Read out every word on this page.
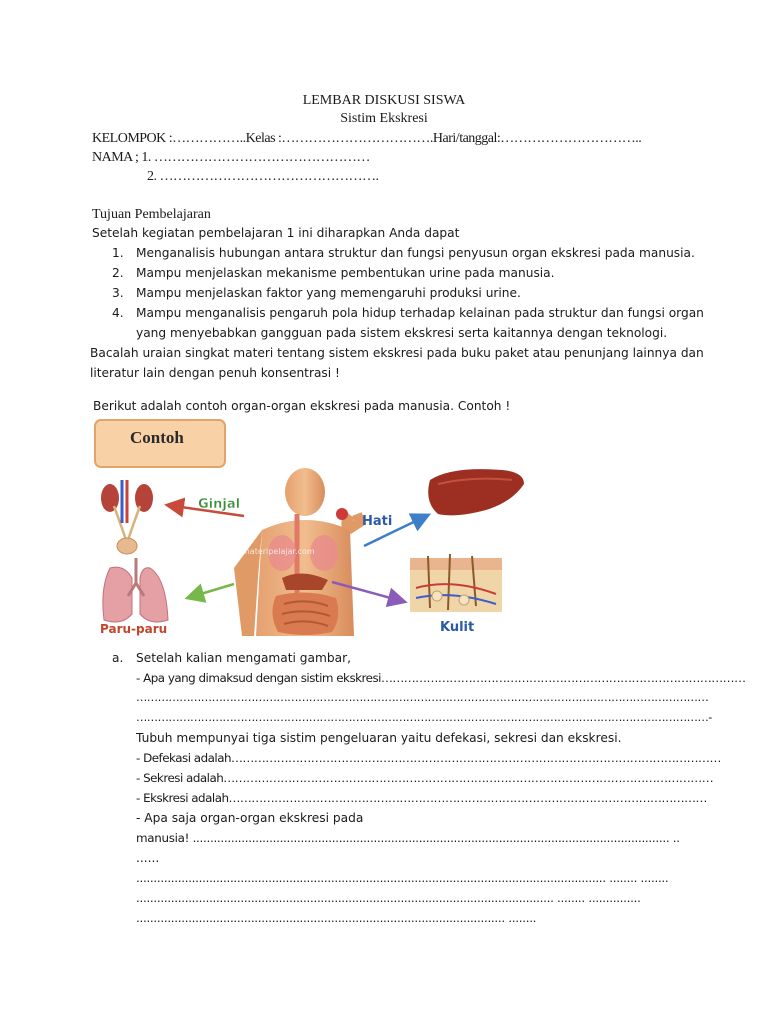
LEMBAR DISKUSI SISWA
Sistim Ekskresi
KELOMPOK :……………..Kelas :…………………………….Hari/tanggal:…………………………..
NAMA ; 1. …………………………………………
2. ………………………………………….
Tujuan Pembelajaran
Setelah kegiatan pembelajaran 1 ini diharapkan Anda dapat
1. Menganalisis hubungan antara struktur dan fungsi penyusun organ ekskresi pada manusia.
2. Mampu menjelaskan mekanisme pembentukan urine pada manusia.
3. Mampu menjelaskan faktor yang memengaruhi produksi urine.
4. Mampu menganalisis pengaruh pola hidup terhadap kelainan pada struktur dan fungsi organ
yang menyebabkan gangguan pada sistem ekskresi serta kaitannya dengan teknologi.
Bacalah uraian singkat materi tentang sistem ekskresi pada buku paket atau penunjang lainnya dan
literatur lain dengan penuh konsentrasi !
Berikut adalah contoh organ-organ ekskresi pada manusia. Contoh !
Contoh
materipelajar.com
Ginjal
Hati
Paru-paru	Kulit
a. Setelah kalian mengamati gambar,
- Apa yang dimaksud dengan sistim ekskresi……………………………………………………………………………………
……………………………………………………………………………………………………………………………………………
……………………………………………………………………………………………………………………………………………-
Tubuh mempunyai tiga sistim pengeluaran yaitu defekasi, sekresi dan ekskresi.
- Defekasi adalah…………………………………………………………………………………………………………………
- Sekresi adalah…………………………………………………………………………………………………………………
- Ekskresi adalah………………………………………………………………………………………………………………
- Apa saja organ-organ ekskresi pada
manusia! ......................................................................................................................................... ..
......
....................................................................................................................................... ........ ........
........................................................................................................................ ........ ...............
.......................................................................................................... ........
